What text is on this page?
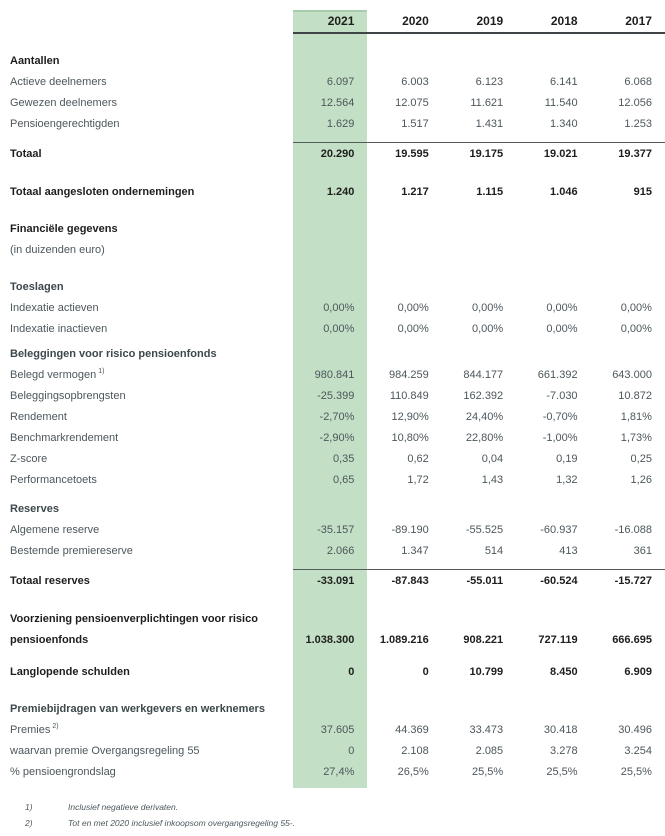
2021	2020	2019	2018	2017
Aantallen
Actieve deelnemers	6.097	6.003	6.123	6.141	6.068
Gewezen deelnemers	12.564	12.075	11.621	11.540	12.056
Pensioengerechtigden	1.629	1.517	1.431	1.340	1.253
Totaal	20.290	19.595	19.175	19.021	19.377
Totaal aangesloten ondernemingen	1.240	1.217	1.115	1.046	915
Financiële gegevens
(in duizenden euro)
Toeslagen
Indexatie actieven	0,00%	0,00%	0,00%	0,00%	0,00%
Indexatie inactieven	0,00%	0,00%	0,00%	0,00%	0,00%
Beleggingen voor risico pensioenfonds
Belegd vermogen $^{1)}$	980.841	984.259	844.177	661.392	643.000
Beleggingsopbrengsten	-25.399	110.849	162.392	-7.030	10.872
Rendement	-2,70%	12,90%	24,40%	-0,70%	1,81%
Benchmarkrendement	-2,90%	10,80%	22,80%	-1,00%	1,73%
Z-score	0,35	0,62	0,04	0,19	0,25
Performancetoets	0,65	1,72	1,43	1,32	1,26
Reserves
Algemene reserve	-35.157	-89.190	-55.525	-60.937	-16.088
Bestemde premiereserve	2.066	1.347	514	413	361
Totaal reserves	-33.091	-87.843	-55.011	-60.524	-15.727
Voorziening pensioenverplichtingen voor risico
pensioenfonds	1.038.300	1.089.216	908.221	727.119	666.695
Langlopende schulden	0	0	10.799	8.450	6.909
Premiebijdragen van werkgevers en werknemers
Premies $^{2)}$	37.605	44.369	33.473	30.418	30.496
waarvan premie Overgangsregeling 55	0	2.108	2.085	3.278	3.254
% pensioengrondslag	27,4%	26,5%	25,5%	25,5%	25,5%
1)	Inclusief negatieve derivaten.
2)	Tot en met 2020 inclusief inkoopsom overgangsregeling 55-.
